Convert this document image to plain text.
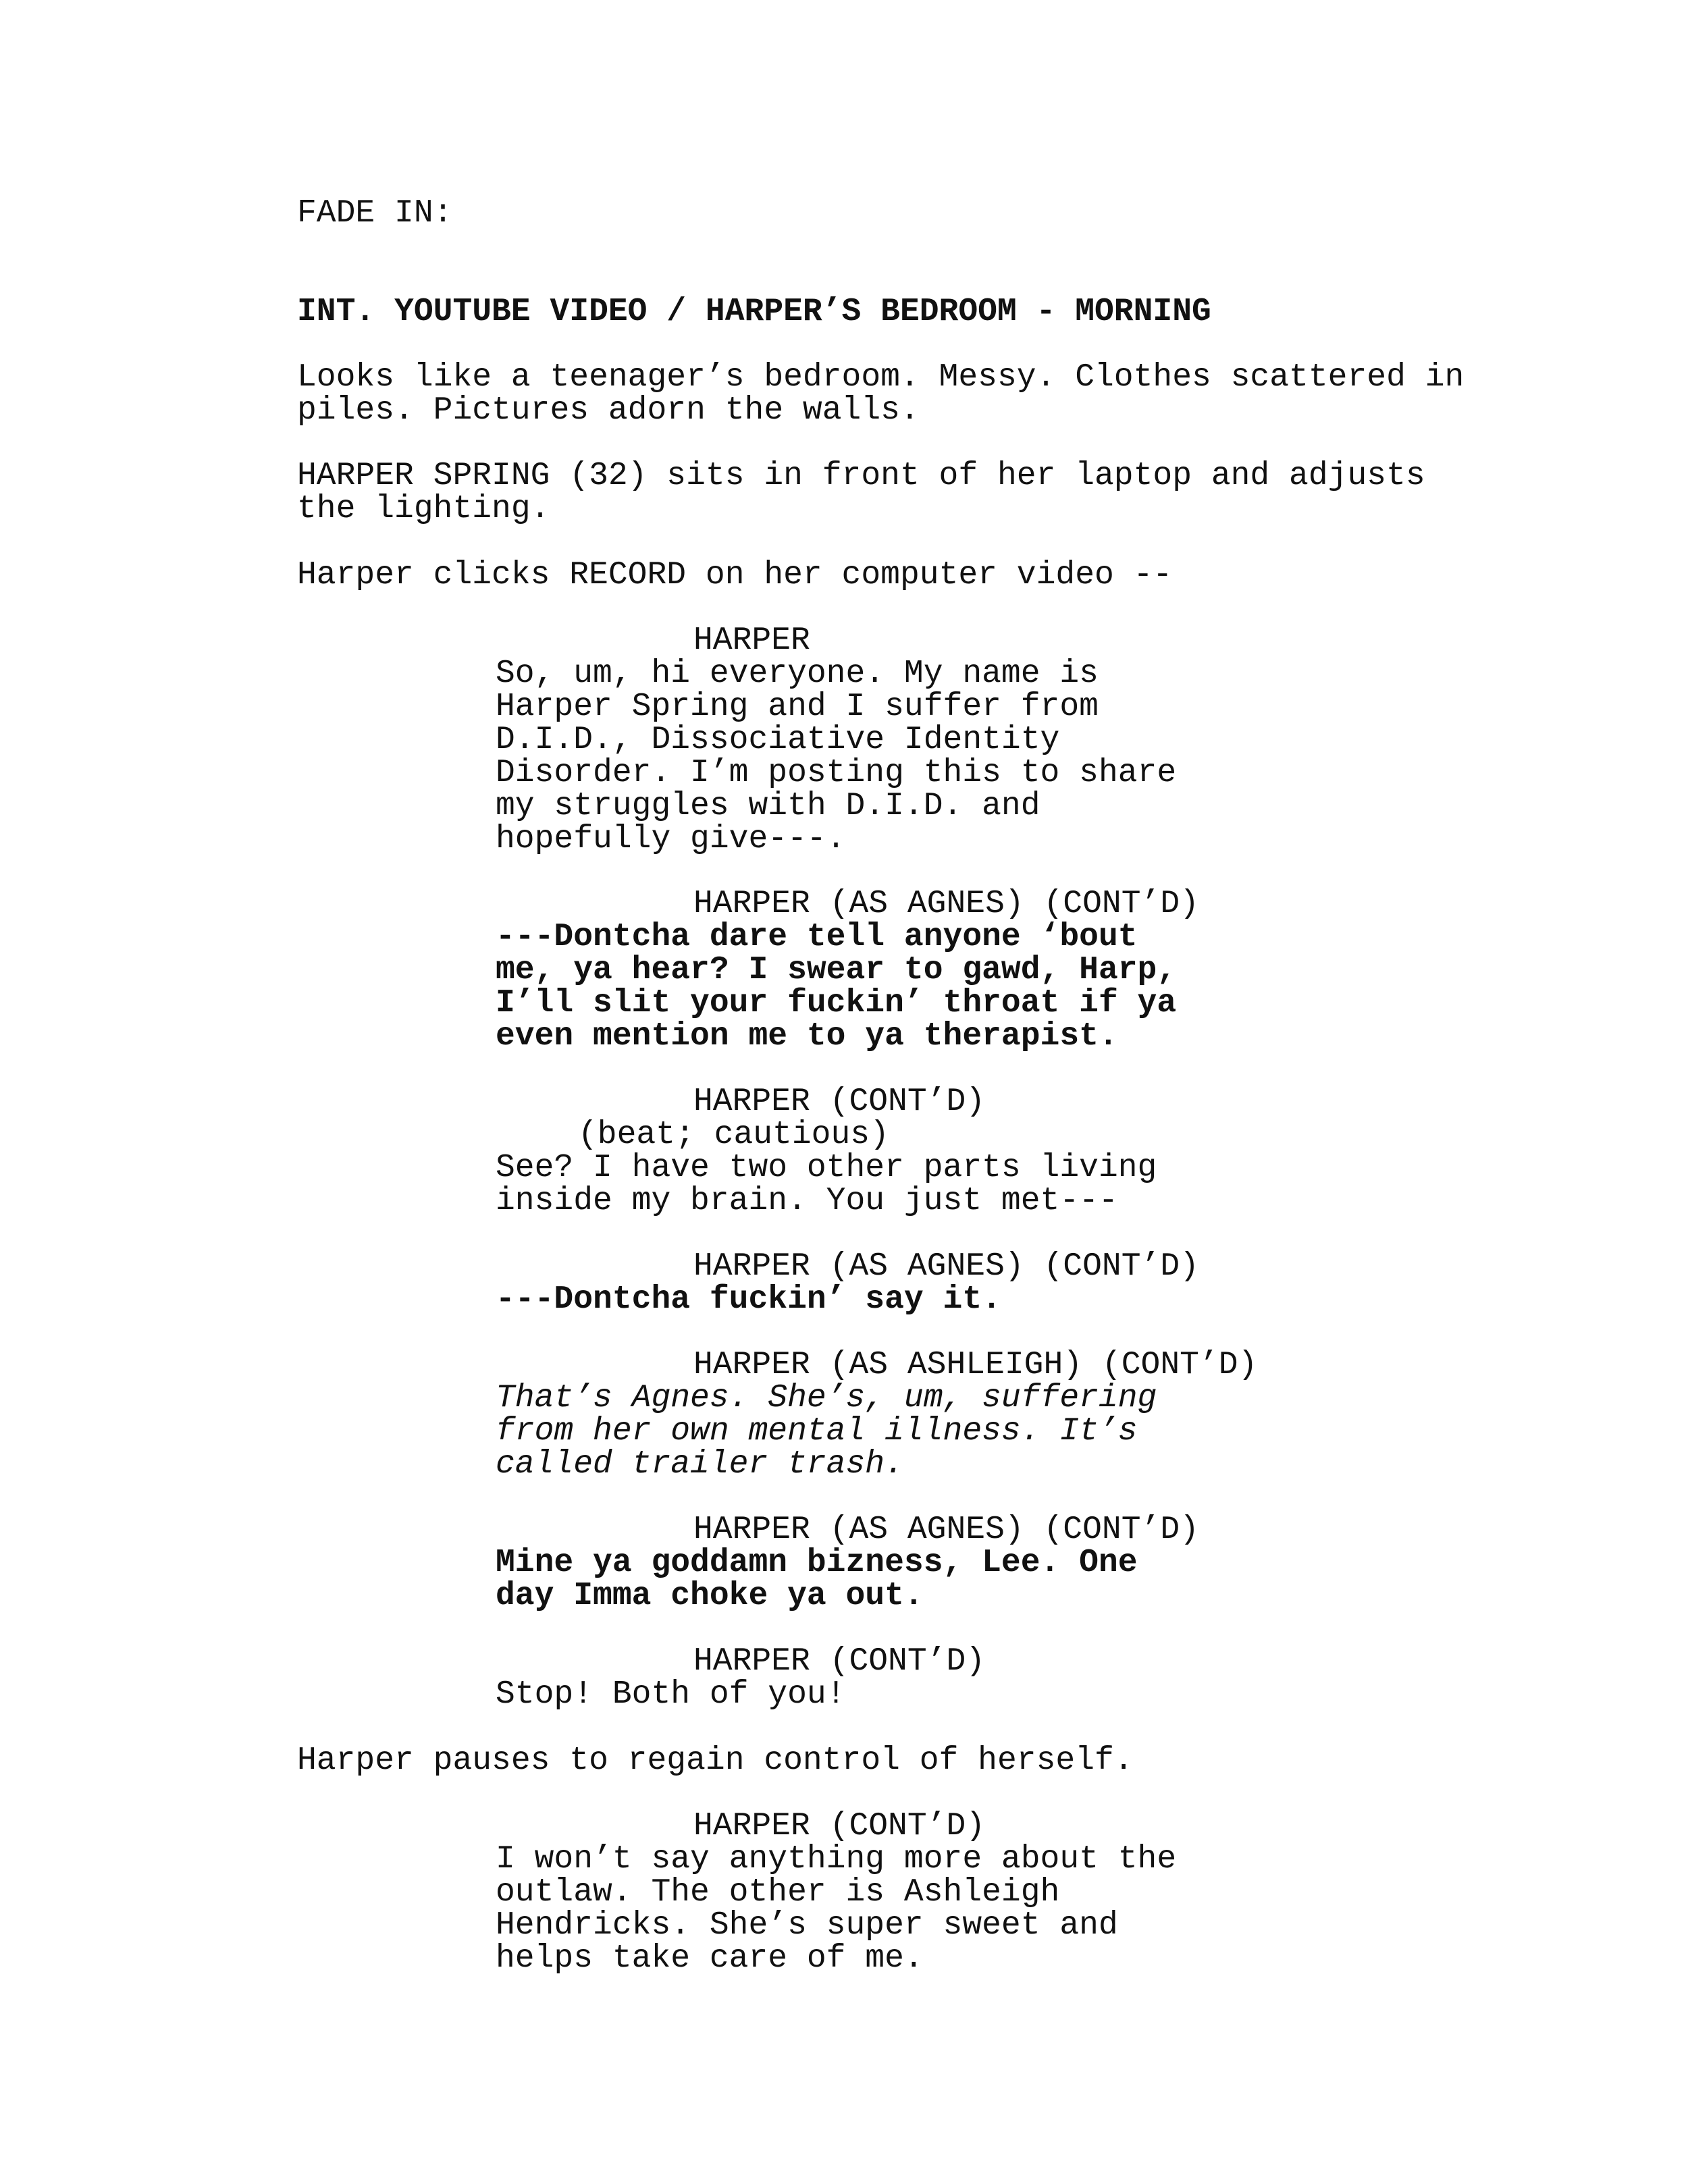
FADE IN:

INT. YOUTUBE VIDEO / HARPER’S BEDROOM - MORNING

Looks like a teenager’s bedroom. Messy. Clothes scattered in

piles. Pictures adorn the walls.

HARPER SPRING (32) sits in front of her laptop and adjusts

the lighting.

Harper clicks RECORD on her computer video --

HARPER

So, um, hi everyone. My name is

Harper Spring and I suffer from

D.I.D., Dissociative Identity

Disorder. I’m posting this to share

my struggles with D.I.D. and

hopefully give---.

HARPER (AS AGNES) (CONT’D)

---Dontcha dare tell anyone ‘bout

me, ya hear? I swear to gawd, Harp,

I’ll slit your fuckin’ throat if ya

even mention me to ya therapist.

HARPER (CONT’D)

(beat; cautious)

See? I have two other parts living

inside my brain. You just met---

HARPER (AS AGNES) (CONT’D)

---Dontcha fuckin’ say it.

HARPER (AS ASHLEIGH) (CONT’D)

That’s Agnes. She’s, um, suffering

from her own mental illness. It’s

called trailer trash.

HARPER (AS AGNES) (CONT’D)

Mine ya goddamn bizness, Lee. One

day Imma choke ya out.

HARPER (CONT’D)

Stop! Both of you!

Harper pauses to regain control of herself.

HARPER (CONT’D)

I won’t say anything more about the

outlaw. The other is Ashleigh

Hendricks. She’s super sweet and

helps take care of me.
